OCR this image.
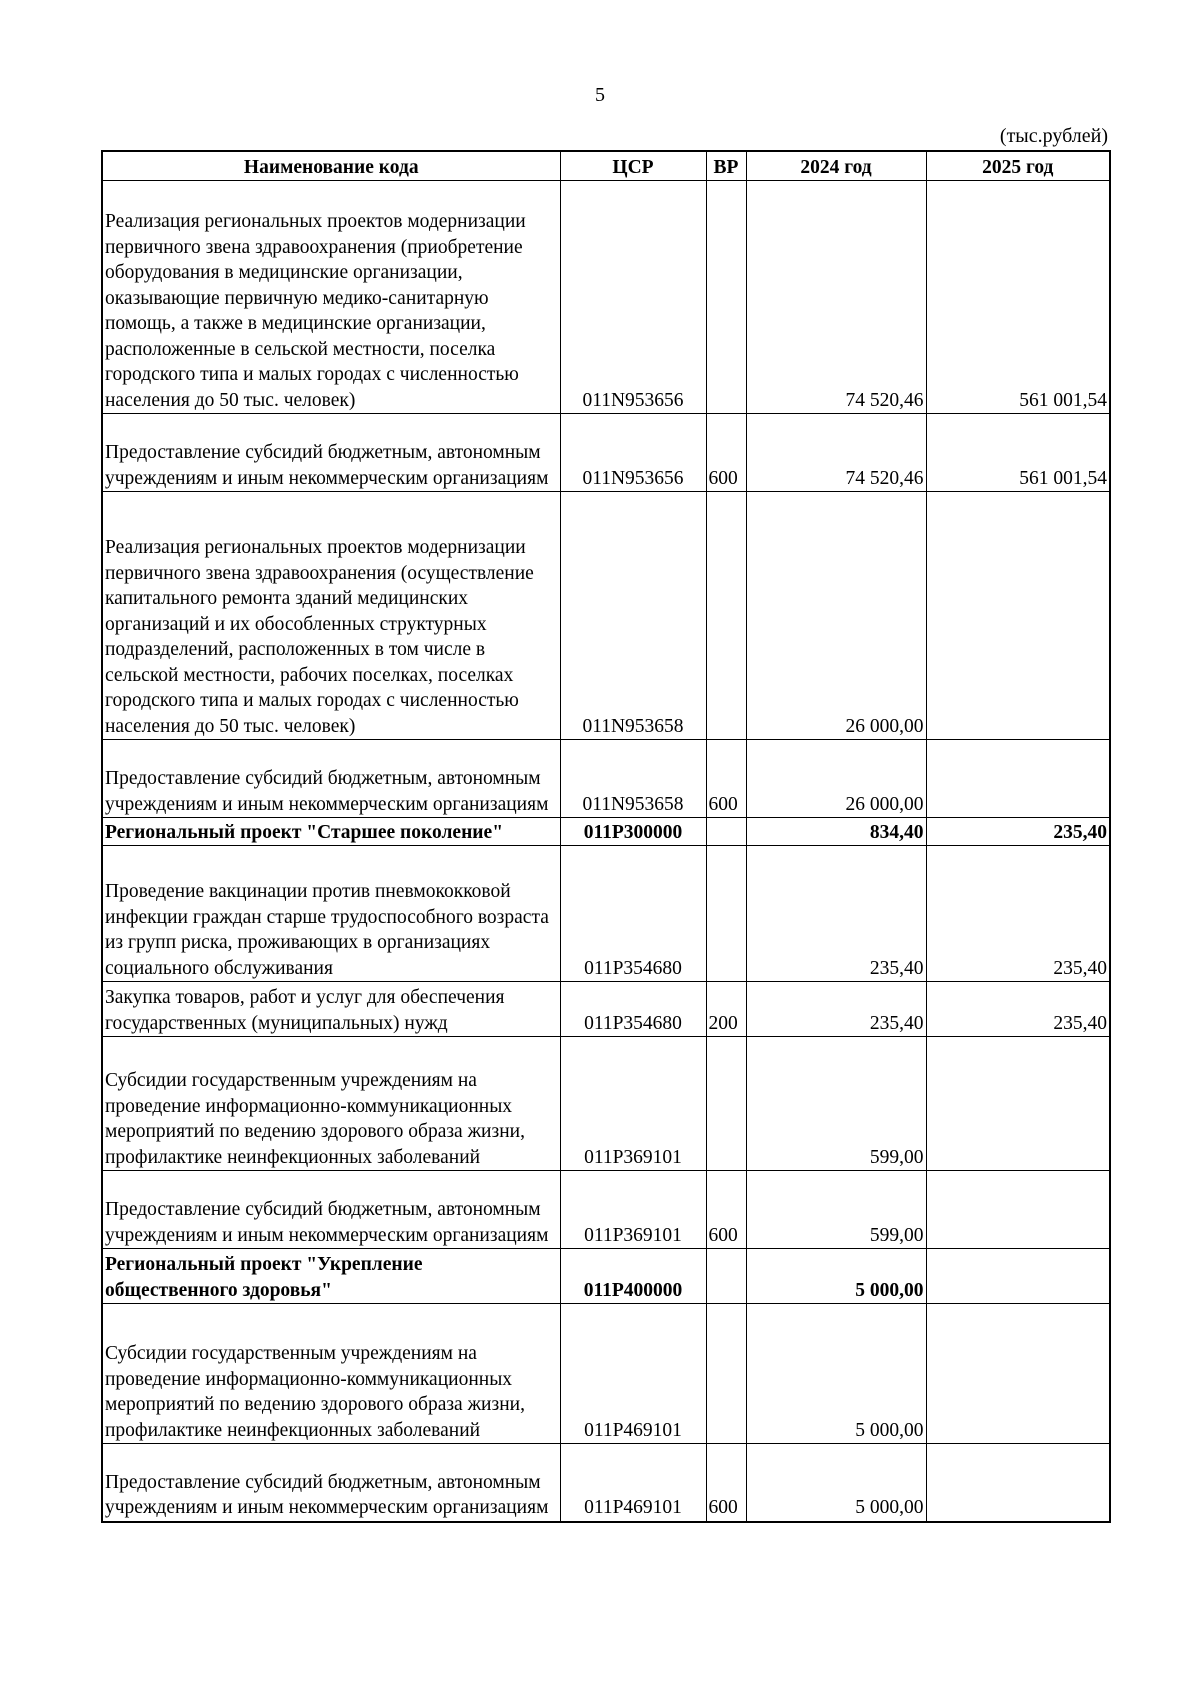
5
(тыс.рублей)
Наименование кода	ЦСР	ВР	2024 год	2025 год
Реализация региональных проектов модернизации первичного звена здравоохранения (приобретение оборудования в медицинские организации, оказывающие первичную медико-санитарную помощь, а также в медицинские организации, расположенные в сельской местности, поселка городского типа и малых городах с численностью населения до 50 тыс. человек)	011N953656		74 520,46	561 001,54
Предоставление субсидий бюджетным, автономным учреждениям и иным некоммерческим организациям	011N953656	600	74 520,46	561 001,54
Реализация региональных проектов модернизации первичного звена здравоохранения (осуществление капитального ремонта зданий медицинских организаций и их обособленных структурных подразделений, расположенных в том числе в сельской местности, рабочих поселках, поселках городского типа и малых городах с численностью населения до 50 тыс. человек)	011N953658		26 000,00	
Предоставление субсидий бюджетным, автономным учреждениям и иным некоммерческим организациям	011N953658	600	26 000,00	
Региональный проект "Старшее поколение"	011P300000		834,40	235,40
Проведение вакцинации против пневмококковой инфекции граждан старше трудоспособного возраста из групп риска, проживающих в организациях социального обслуживания	011P354680		235,40	235,40
Закупка товаров, работ и услуг для обеспечения государственных (муниципальных) нужд	011P354680	200	235,40	235,40
Субсидии государственным учреждениям на проведение информационно-коммуникационных мероприятий по ведению здорового образа жизни, профилактике неинфекционных заболеваний	011P369101		599,00	
Предоставление субсидий бюджетным, автономным учреждениям и иным некоммерческим организациям	011P369101	600	599,00	
Региональный проект "Укрепление общественного здоровья"	011P400000		5 000,00	
Субсидии государственным учреждениям на проведение информационно-коммуникационных мероприятий по ведению здорового образа жизни, профилактике неинфекционных заболеваний	011P469101		5 000,00	
Предоставление субсидий бюджетным, автономным учреждениям и иным некоммерческим организациям	011P469101	600	5 000,00	
